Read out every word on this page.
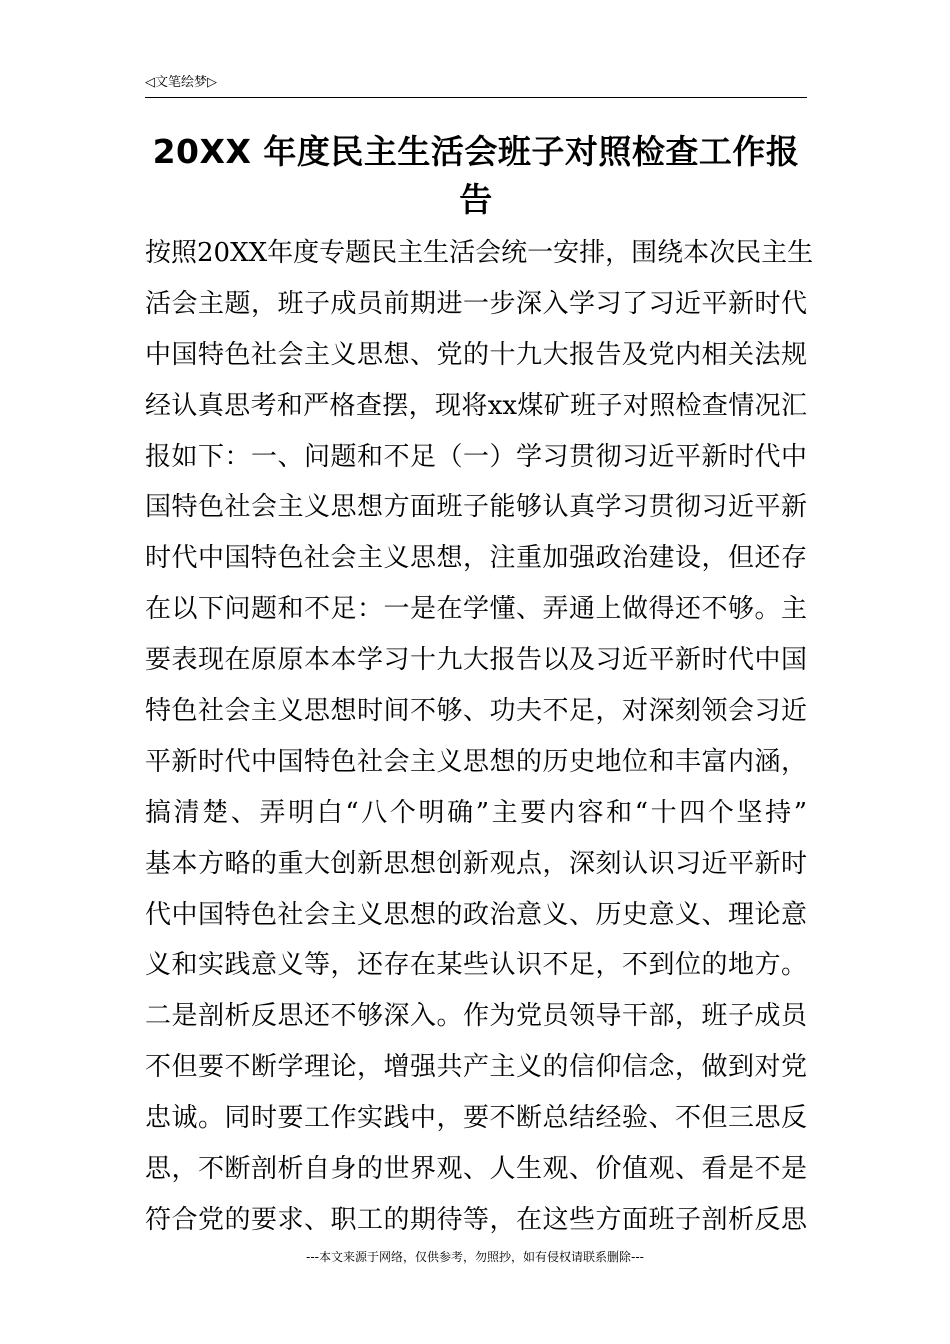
◁文笔绘梦▷
20XX 年度民主生活会班子对照检查工作报
告
按照20XX年度专题民主生活会统一安排，围绕本次民主生
活会主题，班子成员前期进一步深入学习了习近平新时代
中国特色社会主义思想、党的十九大报告及党内相关法规
经认真思考和严格查摆，现将xx煤矿班子对照检查情况汇
报如下：一、问题和不足（一）学习贯彻习近平新时代中
国特色社会主义思想方面班子能够认真学习贯彻习近平新
时代中国特色社会主义思想，注重加强政治建设，但还存
在以下问题和不足：一是在学懂、弄通上做得还不够。主
要表现在原原本本学习十九大报告以及习近平新时代中国
特色社会主义思想时间不够、功夫不足，对深刻领会习近
平新时代中国特色社会主义思想的历史地位和丰富内涵，
搞清楚、弄明白“八个明确”主要内容和“十四个坚持”
基本方略的重大创新思想创新观点，深刻认识习近平新时
代中国特色社会主义思想的政治意义、历史意义、理论意
义和实践意义等，还存在某些认识不足，不到位的地方。
二是剖析反思还不够深入。作为党员领导干部，班子成员
不但要不断学理论，增强共产主义的信仰信念，做到对党
忠诚。同时要工作实践中，要不断总结经验、不但三思反
思，不断剖析自身的世界观、人生观、价值观、看是不是
符合党的要求、职工的期待等，在这些方面班子剖析反思
---本文来源于网络，仅供参考，勿照抄，如有侵权请联系删除---
